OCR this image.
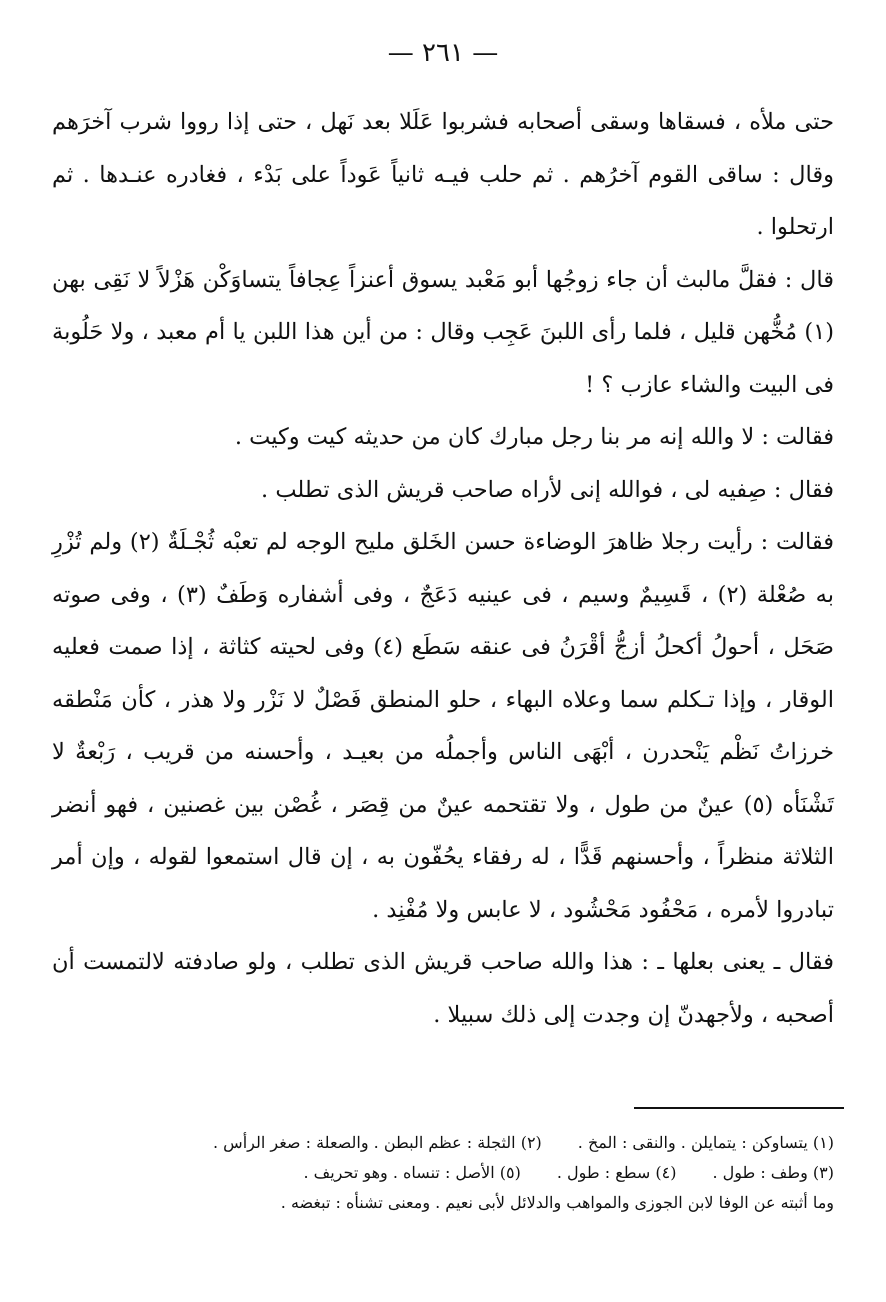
— ٢٦١ —

حتى ملأه ، فسقاها وسقى أصحابه فشربوا عَلَلا بعد نَهل ، حتى إذا رووا شرب آخرَهم وقال : ساقى القوم آخرُهم . ثم حلب فيـه ثانياً عَوداً على بَدْء ، فغادره عنـدها . ثم ارتحلوا .

قال : فقلَّ مالبث أن جاء زوجُها أبو مَعْبد يسوق أعنزاً عِجافاً يتساوَكْن هَزْلاً لا نَقِى بهن (١) مُخُّهن قليل ، فلما رأى اللبنَ عَجِب وقال : من أين هذا اللبن يا أم معبد ، ولا حَلُوبة فى البيت والشاء عازب ؟ !

فقالت : لا والله إنه مر بنا رجل مبارك كان من حديثه كيت وكيت .

فقال : صِفيه لى ، فوالله إنى لأراه صاحب قريش الذى تطلب .

فقالت : رأيت رجلا ظاهرَ الوضاءة حسن الخَلق مليح الوجه لم تعبْه ثُجْـلَةٌ (٢) ولم تُزْرِ به صُعْلة (٢) ، قَسِيمٌ وسيم ، فى عينيه دَعَجٌ ، وفى أشفاره وَطَفٌ (٣) ، وفى صوته صَحَل ، أحولُ أكحلُ أزجُّ أقْرَنُ فى عنقه سَطَع (٤) وفى لحيته كثاثة ، إذا صمت فعليه الوقار ، وإذا تـكلم سما وعلاه البهاء ، حلو المنطق فَصْلٌ لا نَزْر ولا هذر ، كأن مَنْطقه خرزاتُ نَظْم يَنْحدرن ، أبْهَى الناس وأجملُه من بعيـد ، وأحسنه من قريب ، رَبْعةٌ لا تَشْنَأه (٥) عينٌ من طول ، ولا تقتحمه عينٌ من قِصَر ، غُصْن بين غصنين ، فهو أنضر الثلاثة منظراً ، وأحسنهم قَدًّا ، له رفقاء يحُفّون به ، إن قال استمعوا لقوله ، وإن أمر تبادروا لأمره ، مَحْفُود مَحْشُود ، لا عابس ولا مُفْنِد .

فقال ـ يعنى بعلها ـ : هذا والله صاحب قريش الذى تطلب ، ولو صادفته لالتمست أن أصحبه ، ولأجهدنّ إن وجدت إلى ذلك سبيلا .

(١) يتساوكن : يتمايلن . والنقى : المخ .
(٢) الثجلة : عظم البطن . والصعلة : صغر الرأس .
(٣) وطف : طول .
(٤) سطع : طول .
(٥) الأصل : تنساه . وهو تحريف .
وما أثبته عن الوفا لابن الجوزى والمواهب والدلائل لأبى نعيم . ومعنى تشنأه : تبغضه .
